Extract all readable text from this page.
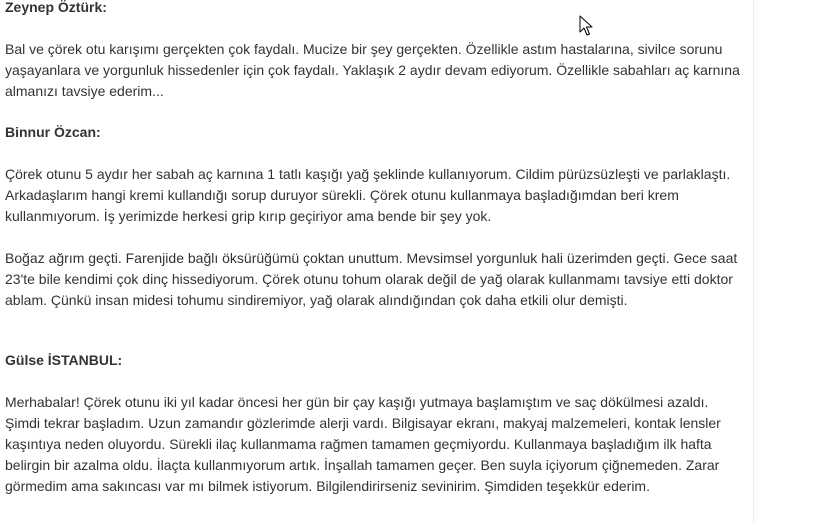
Zeynep Öztürk:

Bal ve çörek otu karışımı gerçekten çok faydalı. Mucize bir şey gerçekten. Özellikle astım hastalarına, sivilce sorunu yaşayanlara ve yorgunluk hissedenler için çok faydalı. Yaklaşık 2 aydır devam ediyorum. Özellikle sabahları aç karnına almanızı tavsiye ederim...

Binnur Özcan:

Çörek otunu 5 aydır her sabah aç karnına 1 tatlı kaşığı yağ şeklinde kullanıyorum. Cildim pürüzsüzleşti ve parlaklaştı. Arkadaşlarım hangi kremi kullandığı sorup duruyor sürekli. Çörek otunu kullanmaya başladığımdan beri krem kullanmıyorum. İş yerimizde herkesi grip kırıp geçiriyor ama bende bir şey yok.

Boğaz ağrım geçti. Farenjide bağlı öksürüğümü çoktan unuttum. Mevsimsel yorgunluk hali üzerimden geçti. Gece saat 23'te bile kendimi çok dinç hissediyorum. Çörek otunu tohum olarak değil de yağ olarak kullanmamı tavsiye etti doktor ablam. Çünkü insan midesi tohumu sindiremiyor, yağ olarak alındığından çok daha etkili olur demişti.

Gülse İSTANBUL:

Merhabalar! Çörek otunu iki yıl kadar öncesi her gün bir çay kaşığı yutmaya başlamıştım ve saç dökülmesi azaldı. Şimdi tekrar başladım. Uzun zamandır gözlerimde alerji vardı. Bilgisayar ekranı, makyaj malzemeleri, kontak lensler kaşıntıya neden oluyordu. Sürekli ilaç kullanmama rağmen tamamen geçmiyordu. Kullanmaya başladığım ilk hafta belirgin bir azalma oldu. İlaçta kullanmıyorum artık. İnşallah tamamen geçer. Ben suyla içiyorum çiğnemeden. Zarar görmedim ama sakıncası var mı bilmek istiyorum. Bilgilendirirseniz sevinirim. Şimdiden teşekkür ederim.
